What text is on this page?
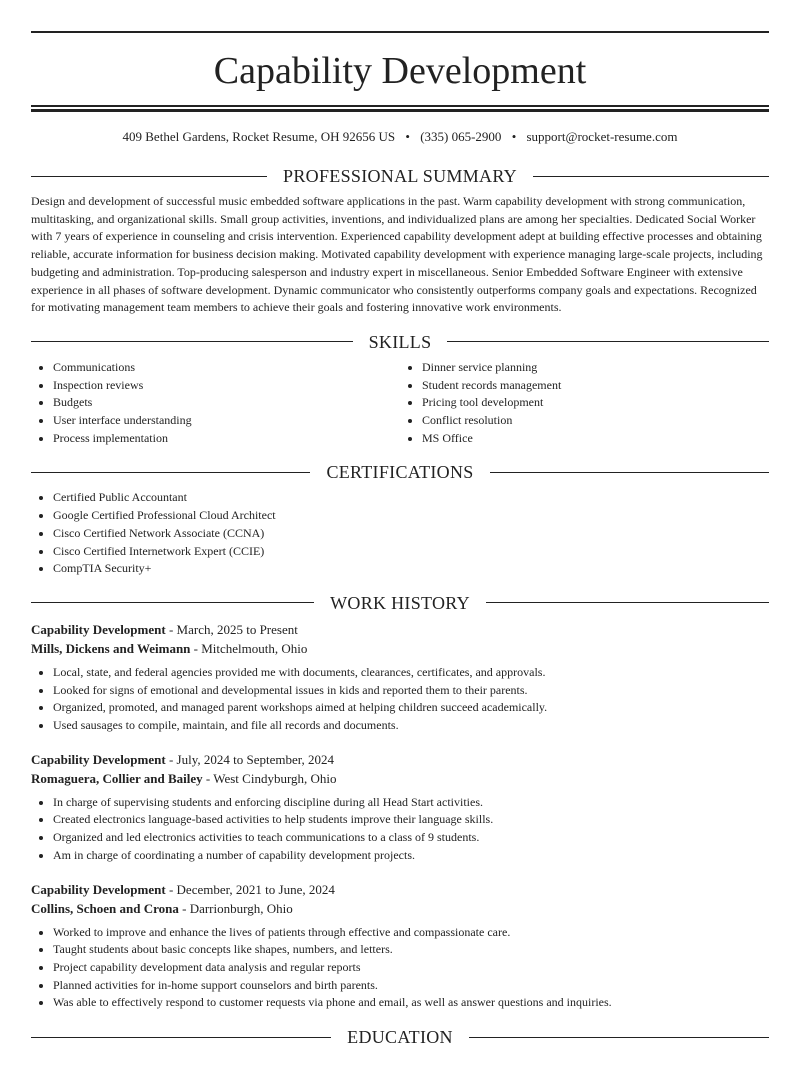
Capability Development
409 Bethel Gardens, Rocket Resume, OH 92656 US • (335) 065-2900 • support@rocket-resume.com
PROFESSIONAL SUMMARY

Design and development of successful music embedded software applications in the past. Warm capability development with strong communication, multitasking, and organizational skills. Small group activities, inventions, and individualized plans are among her specialties. Dedicated Social Worker with 7 years of experience in counseling and crisis intervention. Experienced capability development adept at building effective processes and obtaining reliable, accurate information for business decision making. Motivated capability development with experience managing large-scale projects, including budgeting and administration. Top-producing salesperson and industry expert in miscellaneous. Senior Embedded Software Engineer with extensive experience in all phases of software development. Dynamic communicator who consistently outperforms company goals and expectations. Recognized for motivating management team members to achieve their goals and fostering innovative work environments.

SKILLS
• Communications
• Inspection reviews
• Budgets
• User interface understanding
• Process implementation
• Dinner service planning
• Student records management
• Pricing tool development
• Conflict resolution
• MS Office
CERTIFICATIONS
• Certified Public Accountant
• Google Certified Professional Cloud Architect
• Cisco Certified Network Associate (CCNA)
• Cisco Certified Internetwork Expert (CCIE)
• CompTIA Security+
WORK HISTORY
Capability Development - March, 2025 to Present
Mills, Dickens and Weimann - Mitchelmouth, Ohio
• Local, state, and federal agencies provided me with documents, clearances, certificates, and approvals.
• Looked for signs of emotional and developmental issues in kids and reported them to their parents.
• Organized, promoted, and managed parent workshops aimed at helping children succeed academically.
• Used sausages to compile, maintain, and file all records and documents.
Capability Development - July, 2024 to September, 2024
Romaguera, Collier and Bailey - West Cindyburgh, Ohio
• In charge of supervising students and enforcing discipline during all Head Start activities.
• Created electronics language-based activities to help students improve their language skills.
• Organized and led electronics activities to teach communications to a class of 9 students.
• Am in charge of coordinating a number of capability development projects.
Capability Development - December, 2021 to June, 2024
Collins, Schoen and Crona - Darrionburgh, Ohio
• Worked to improve and enhance the lives of patients through effective and compassionate care.
• Taught students about basic concepts like shapes, numbers, and letters.
• Project capability development data analysis and regular reports
• Planned activities for in-home support counselors and birth parents.
• Was able to effectively respond to customer requests via phone and email, as well as answer questions and inquiries.
EDUCATION
